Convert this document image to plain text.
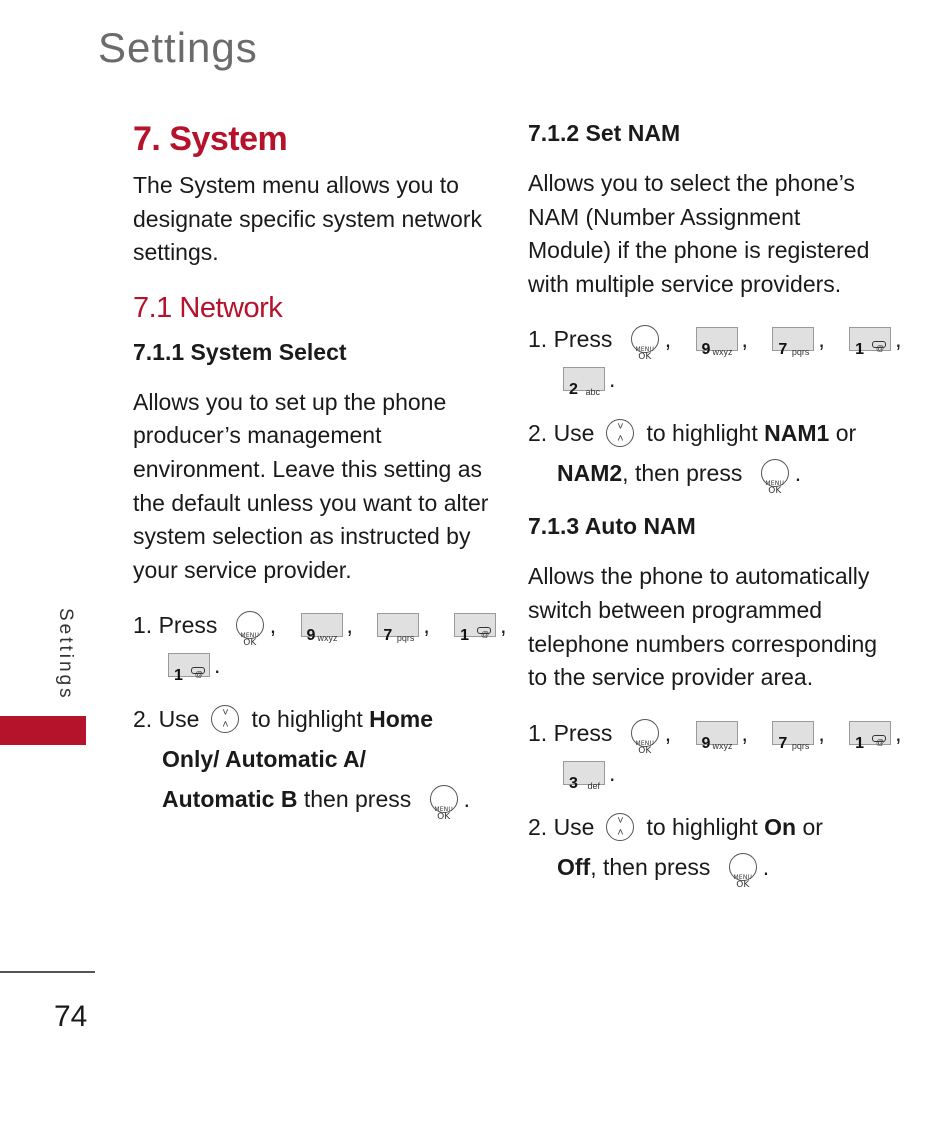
Settings
7. System
The System menu allows you to designate specific system network settings.
7.1 Network
7.1.1 System Select
Allows you to set up the phone producer’s management environment. Leave this setting as the default unless you want to alter system selection as instructed by your service provider.
1. Press	MENU
OK
, 9 wxyz , 7 pqrs , 1 @ ,
1 @ .
2. Use ˄ ˅ to highlight Home
Only/ Automatic A/
Automatic B then press	MENU
OK
.
7.1.2 Set NAM
Allows you to select the phone’s NAM (Number Assignment Module) if the phone is registered with multiple service providers.
1. Press	MENU
OK
, 9 wxyz , 7 pqrs , 1 @ ,
2 abc .
2. Use ˄ ˅ to highlight NAM1 or
NAM2, then press	MENU
OK
.
7.1.3 Auto NAM
Allows the phone to automatically switch between programmed telephone numbers corresponding to the service provider area.
1. Press	MENU
OK
, 9 wxyz , 7 pqrs , 1 @ ,
3 def .
2. Use ˄ ˅ to highlight On or
Off, then press	MENU
OK
.
Settings
74
